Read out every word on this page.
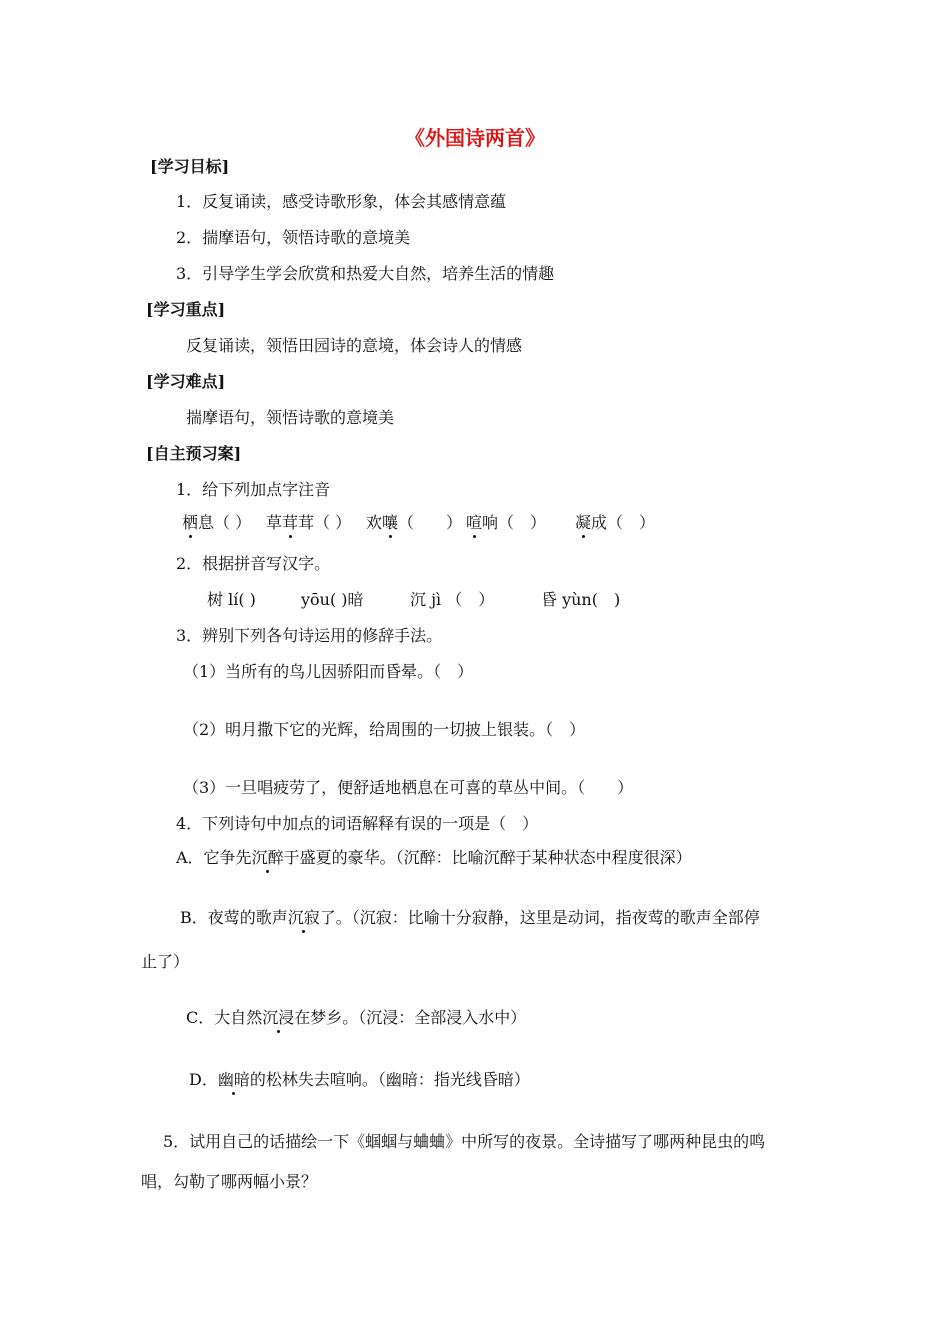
《外国诗两首》
[学习目标]
1．反复诵读，感受诗歌形象，体会其感情意蕴
2．揣摩语句，领悟诗歌的意境美
3．引导学生学会欣赏和热爱大自然，培养生活的情趣
[学习重点]
反复诵读，领悟田园诗的意境，体会诗人的情感
[学习难点]
揣摩语句，领悟诗歌的意境美
[自主预习案]
1．给下列加点字注音
栖息（ ） 草茸茸（ ） 欢嚷（　　） 喧响（　） 凝成（　）
2．根据拼音写汉字。
树 lí( )	yōu( )暗	沉 jì （　）	昏 yùn(　)
3．辨别下列各句诗运用的修辞手法。
（1）当所有的鸟儿因骄阳而昏晕。（　）
（2）明月撒下它的光辉，给周围的一切披上银装。（　）
（3）一旦唱疲劳了，便舒适地栖息在可喜的草丛中间。（　　）
4．下列诗句中加点的词语解释有误的一项是（　）
A．它争先沉醉于盛夏的豪华。（沉醉：比喻沉醉于某种状态中程度很深）
B．夜莺的歌声沉寂了。（沉寂：比喻十分寂静，这里是动词，指夜莺的歌声全部停
止了）
C．大自然沉浸在梦乡。（沉浸：全部浸入水中）
D．幽暗的松林失去喧响。（幽暗：指光线昏暗）
5．试用自己的话描绘一下《蝈蝈与蛐蛐》中所写的夜景。全诗描写了哪两种昆虫的鸣
唱，勾勒了哪两幅小景？
